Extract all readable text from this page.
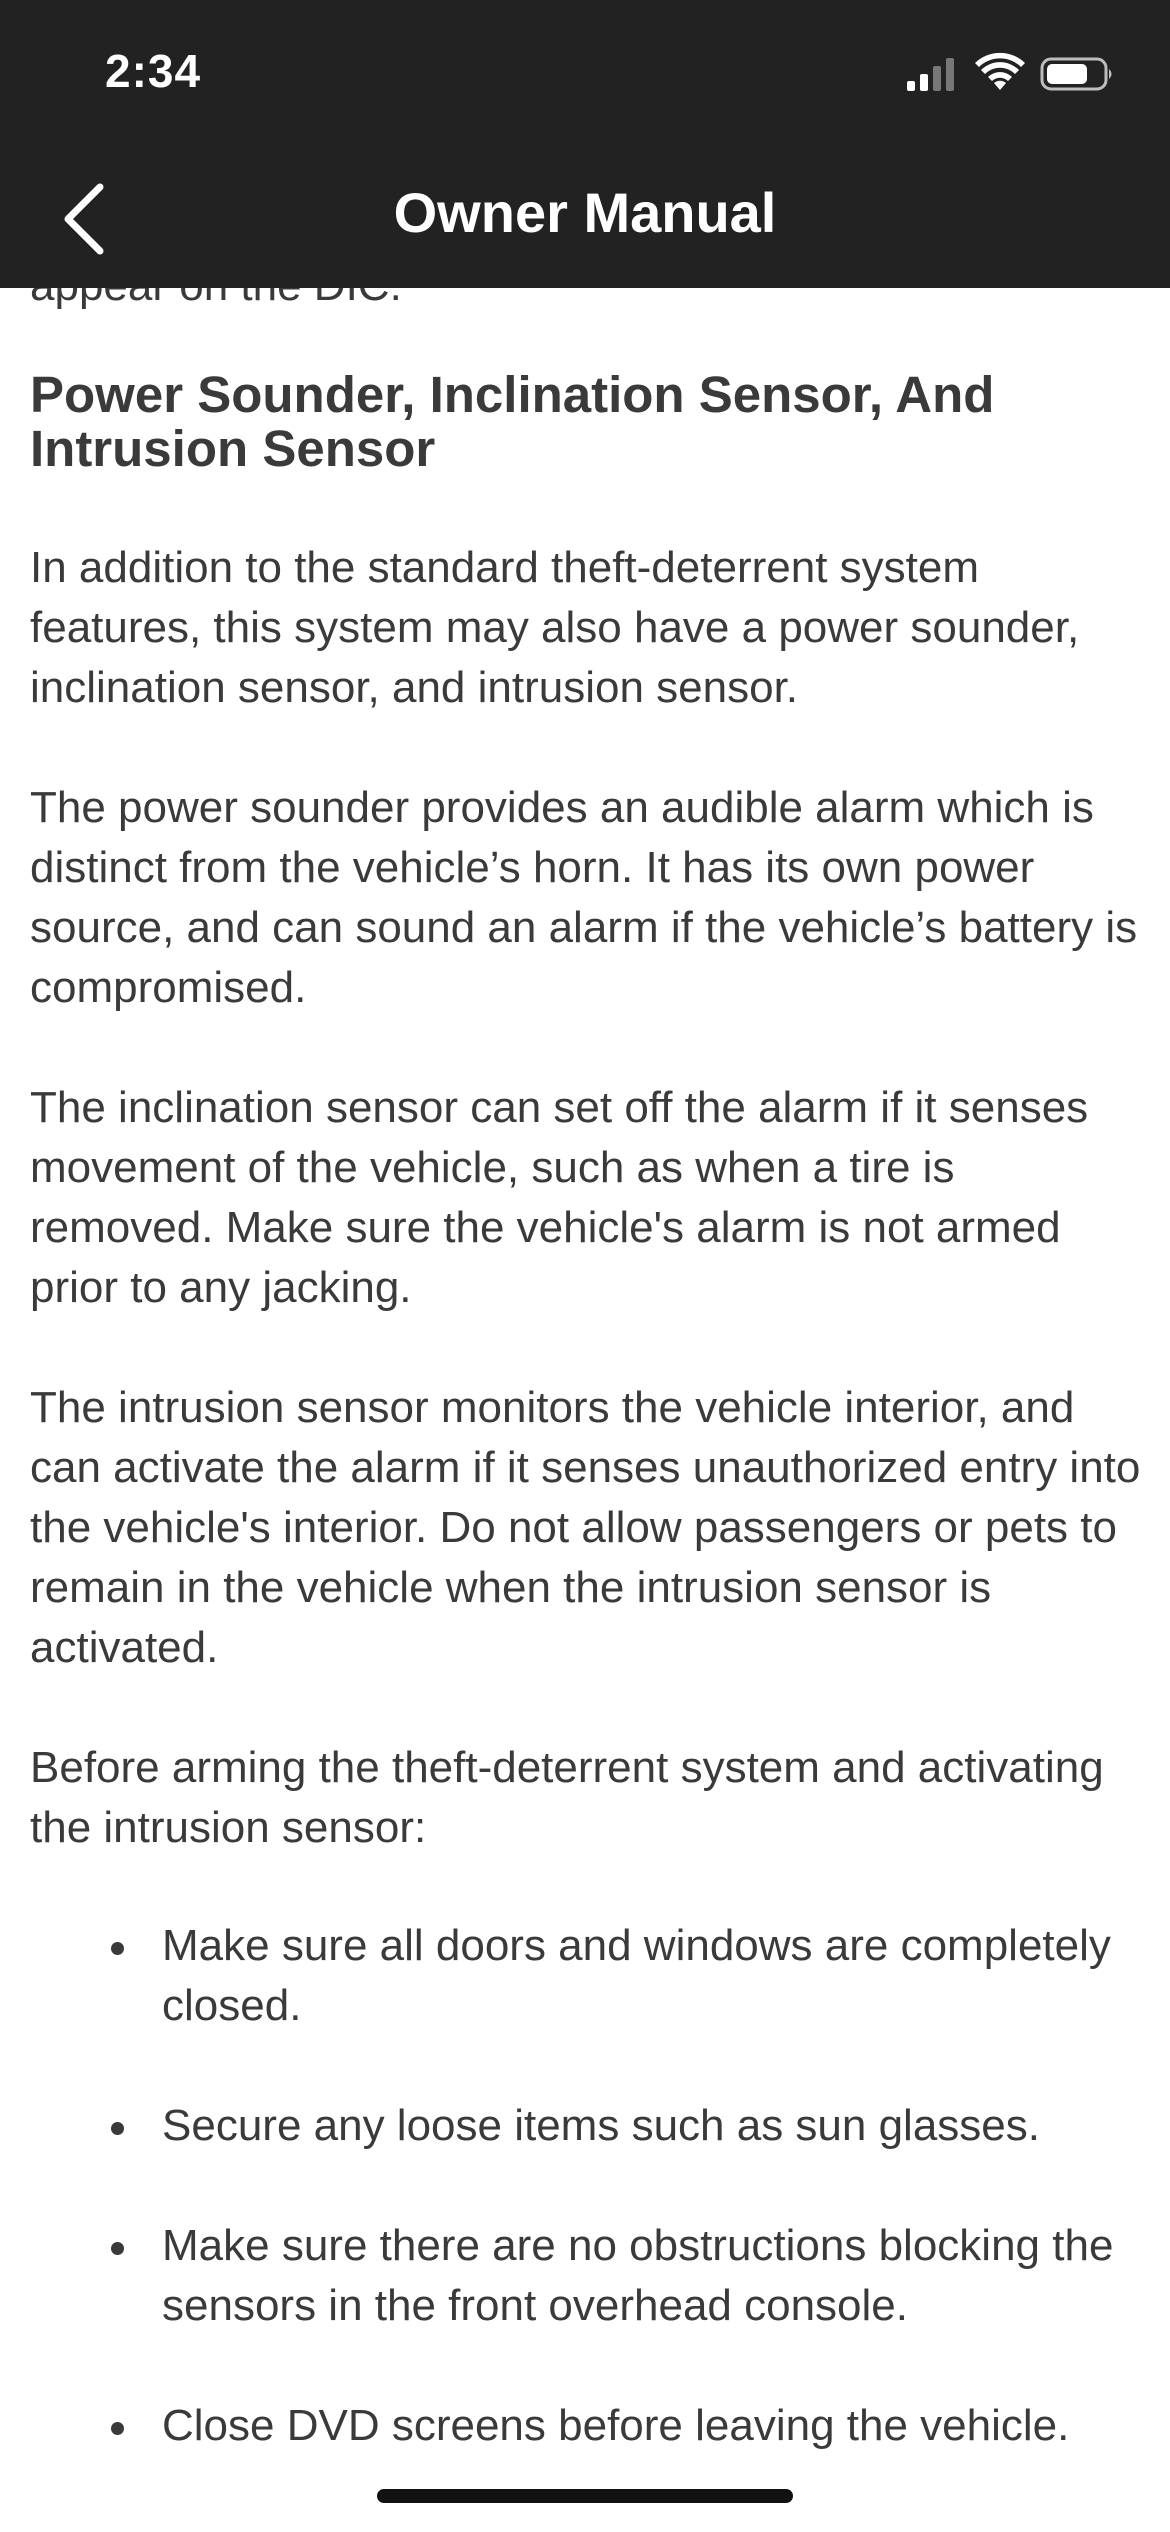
2:34
Owner Manual

Power Sounder, Inclination Sensor, And Intrusion Sensor

In addition to the standard theft-deterrent system features, this system may also have a power sounder, inclination sensor, and intrusion sensor.

The power sounder provides an audible alarm which is distinct from the vehicle’s horn. It has its own power source, and can sound an alarm if the vehicle’s battery is compromised.

The inclination sensor can set off the alarm if it senses movement of the vehicle, such as when a tire is removed. Make sure the vehicle's alarm is not armed prior to any jacking.

The intrusion sensor monitors the vehicle interior, and can activate the alarm if it senses unauthorized entry into the vehicle's interior. Do not allow passengers or pets to remain in the vehicle when the intrusion sensor is activated.

Before arming the theft-deterrent system and activating the intrusion sensor:

Make sure all doors and windows are completely closed.
Secure any loose items such as sun glasses.
Make sure there are no obstructions blocking the sensors in the front overhead console.
Close DVD screens before leaving the vehicle.
